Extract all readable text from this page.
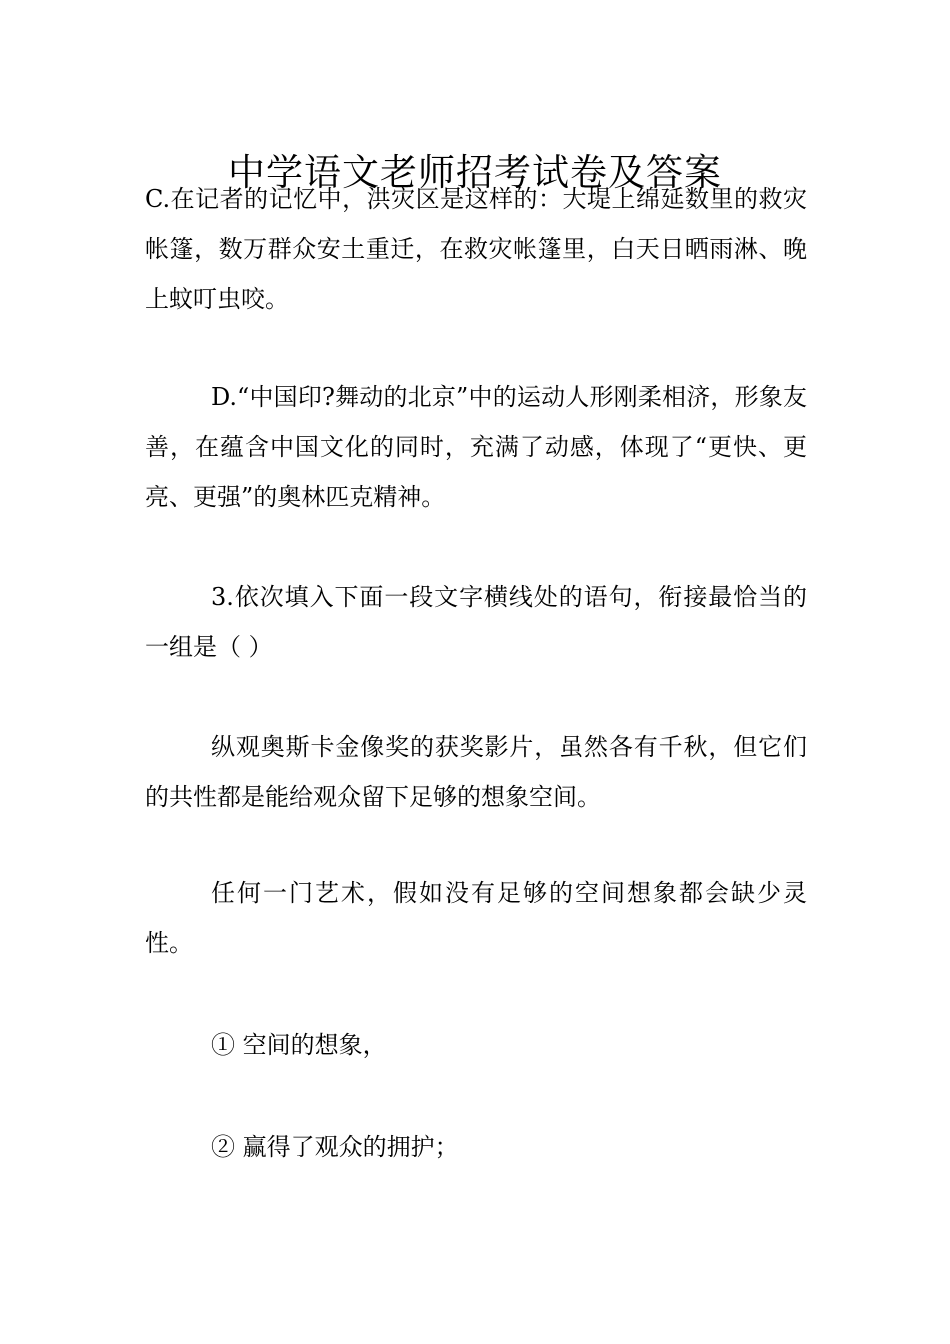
中学语文老师招考试卷及答案

C.在记者的记忆中，洪灾区是这样的：大堤上绵延数里的救灾帐篷，数万群众安土重迁，在救灾帐篷里，白天日晒雨淋、晚上蚊叮虫咬。

D.“中国印?舞动的北京”中的运动人形刚柔相济，形象友善，在蕴含中国文化的同时，充满了动感，体现了“更快、更亮、更强”的奥林匹克精神。

3.依次填入下面一段文字横线处的语句，衔接最恰当的一组是（ ）

纵观奥斯卡金像奖的获奖影片，虽然各有千秋，但它们的共性都是能给观众留下足够的想象空间。

任何一门艺术，假如没有足够的空间想象都会缺少灵性。

① 空间的想象，

② 赢得了观众的拥护；
